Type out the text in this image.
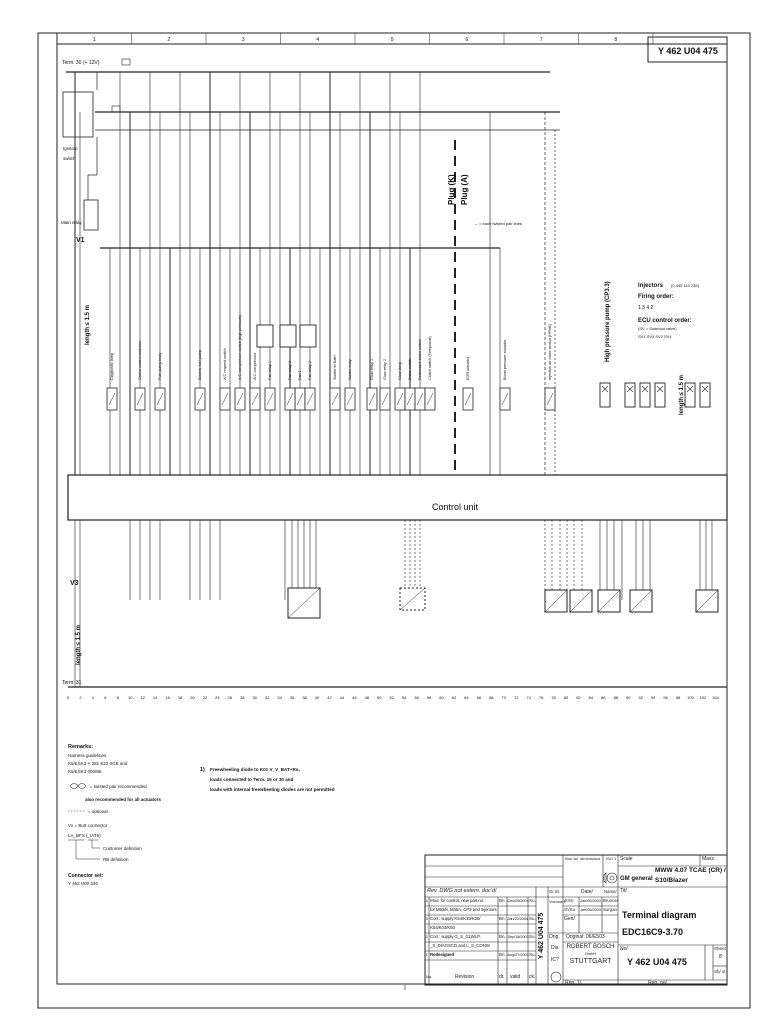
Y 462 U04 475
1	2	3	4	5	6	7	8
Diagnostic lamp	Cruise control switches	Fuel pump relay	Electric fuel pump	A/C request switch	A/C compressor switch (high pressure)	A/C compressor	Fan 1
Fan relay 1	Fan relay 3	Fan relay 2	Starter relay
Starter to Batt+	Glow relay 1 Glow relay 2	Glow lamp Brake switch Redundant brake switch Clutch switch (Tempomat)	EGR actuator	Boost pressure actuator	Injection air mass sensor (HFM6)
Control unit
Term. 30 (+ 12V)
Ignition
switch
Main relay
V1
V3
length ≤ 1.5 m
length ≤ 1.5 m
length ≤ 1.5 m
Term. 31
Plug (K) Plug (A)
↔ = each twisted pair lines
High pressure pump (CP3.3)	Injectors (0 445 110 235)
Firing order:
1 3 4 2
ECU control order:
(SV = Solenoid valve)
SV1 SV3 SV2 SV4
0	2	4	6	8 10 12 14 16 18 20 22 24 26 28 30 32 34 36 38 40 42 44 46 48 50 52 54 56 58 60 62 64 66 68 70 72 74 76 78 80 82 84 86 88 90 92 94 96 98 100 102 104
Remarks:
Harness guidelines
K5/ESK3 Y 281 E22 0GE and
K5/ESK3 000/86.
= twisted pair recommended
also recommended for all actuators
= optional
Vx = Butt connector
LA_BFS (_IAT5)
Customer definition
RB definition
Connector set:
Y 462 U00 330
1) Freewheeling diode to K01 V_V_BAT+Ro,
loads connected to Term. 15 or 30 and
loads with internal freewheeling diodes are not permitted
Non-tol. dimensions ISO 1 Scale	Mass
GM general
MWW 4.07 TCAE (CR) /
S10/Blazer
Rev. DWG not extern. doc'd/
4 Mod. for control, new part.no.	Bn. Dec/09/2004 Su.
for M53/8, M35A, CP3 and Injectors
3 Corr.: supply K54/K19/K20/	Bn. Jan/22/2004 Su.
K54/K03/K93
2 Corr.: supply G_S_GLWLP,	Bn. Sep/18/2003 Su.
_S_DIAGSCD and L_S_CONW
1 Redesigned	Bn. Aug/27/2003 Su.
No.	Revision	dr. valid ck.
Y 462 U04 475
Gr.St.
Volumen
Date/	Name/
dr/Gr. Jan/06/2003 Brunner
ch/Su. Jan/06/2003 Surgan
Gen/
Orig. Original: 06/E503
Dis.
IC?
ROBERT BOSCH
GmbH
STUTTGART
Rep. 1/	Rep. no/
Tit/
Terminal diagram
EDC16C9-3.70
No/
Y 462 U04 475
Sheet
8
Sh/ si
